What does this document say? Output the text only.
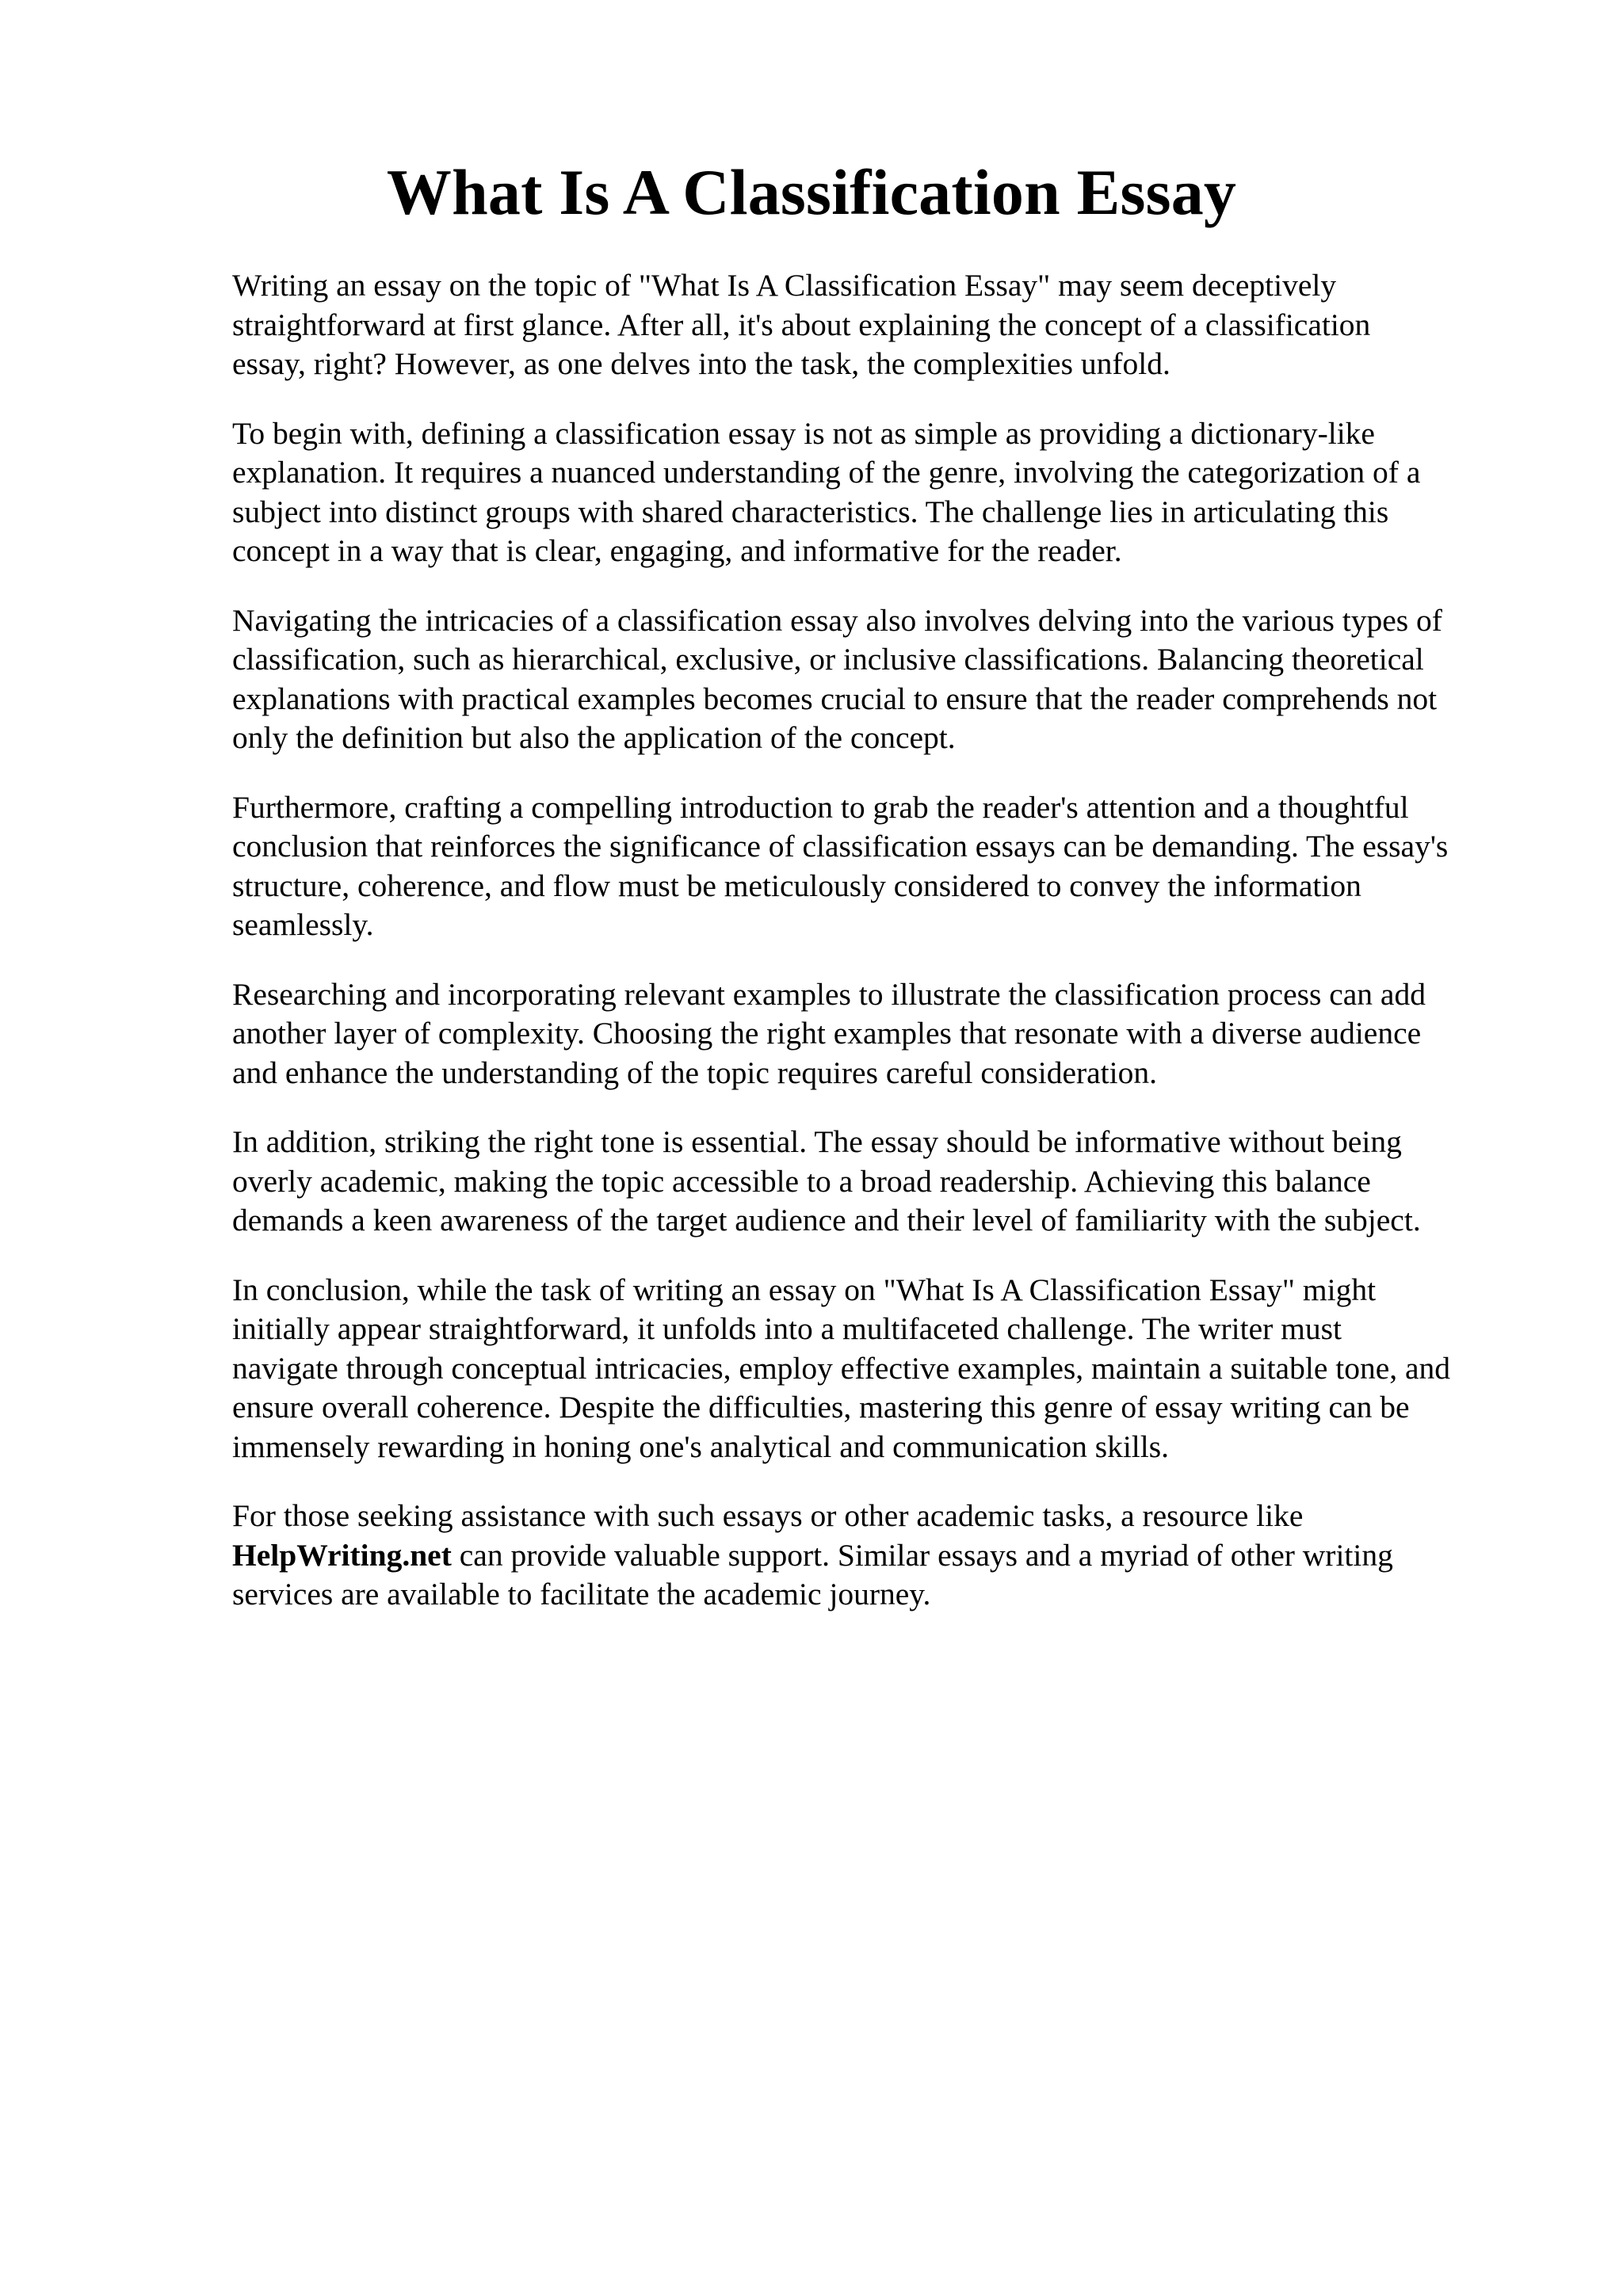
What Is A Classification Essay

Writing an essay on the topic of "What Is A Classification Essay" may seem deceptively
straightforward at first glance. After all, it's about explaining the concept of a classification
essay, right? However, as one delves into the task, the complexities unfold.

To begin with, defining a classification essay is not as simple as providing a dictionary-like
explanation. It requires a nuanced understanding of the genre, involving the categorization of a
subject into distinct groups with shared characteristics. The challenge lies in articulating this
concept in a way that is clear, engaging, and informative for the reader.

Navigating the intricacies of a classification essay also involves delving into the various types of
classification, such as hierarchical, exclusive, or inclusive classifications. Balancing theoretical
explanations with practical examples becomes crucial to ensure that the reader comprehends not
only the definition but also the application of the concept.

Furthermore, crafting a compelling introduction to grab the reader's attention and a thoughtful
conclusion that reinforces the significance of classification essays can be demanding. The essay's
structure, coherence, and flow must be meticulously considered to convey the information
seamlessly.

Researching and incorporating relevant examples to illustrate the classification process can add
another layer of complexity. Choosing the right examples that resonate with a diverse audience
and enhance the understanding of the topic requires careful consideration.

In addition, striking the right tone is essential. The essay should be informative without being
overly academic, making the topic accessible to a broad readership. Achieving this balance
demands a keen awareness of the target audience and their level of familiarity with the subject.

In conclusion, while the task of writing an essay on "What Is A Classification Essay" might
initially appear straightforward, it unfolds into a multifaceted challenge. The writer must
navigate through conceptual intricacies, employ effective examples, maintain a suitable tone, and
ensure overall coherence. Despite the difficulties, mastering this genre of essay writing can be
immensely rewarding in honing one's analytical and communication skills.

For those seeking assistance with such essays or other academic tasks, a resource like
HelpWriting.net can provide valuable support. Similar essays and a myriad of other writing
services are available to facilitate the academic journey.
